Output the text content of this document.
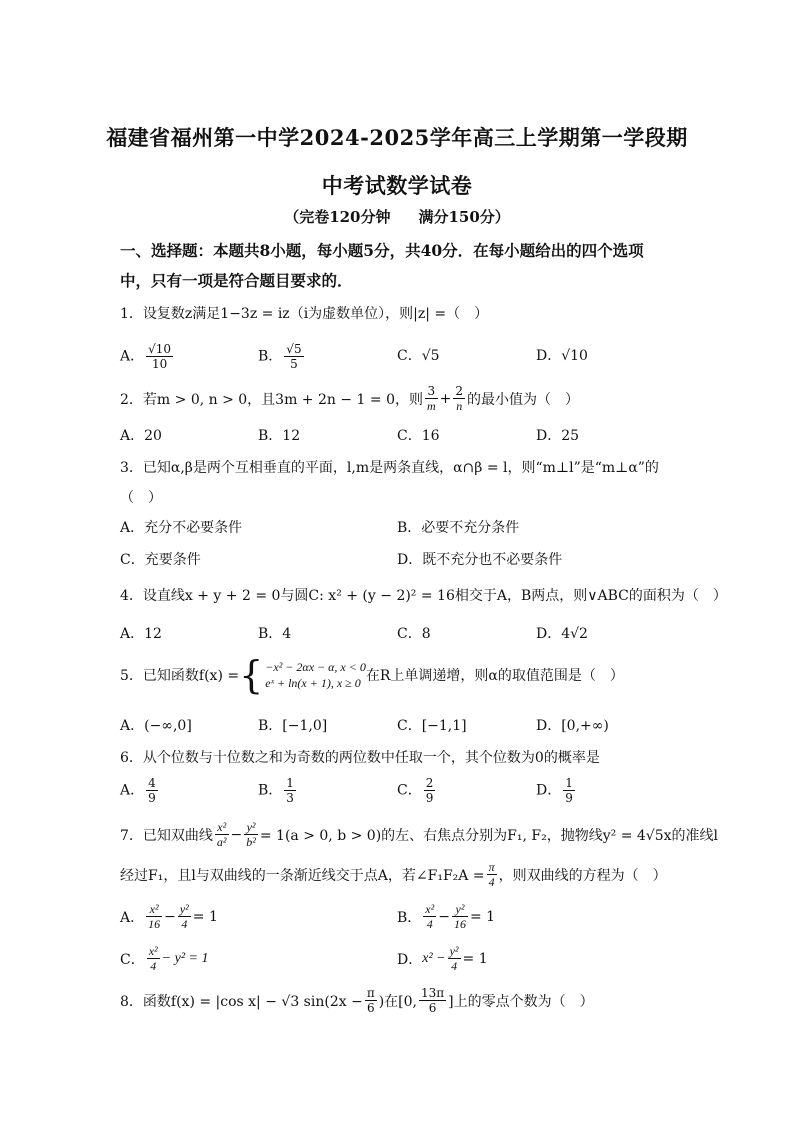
福建省福州第一中学2024-2025学年高三上学期第一学段期
中考试数学试卷
（完卷120分钟 满分150分）
一、选择题：本题共8小题，每小题5分，共40分．在每小题给出的四个选项
中，只有一项是符合题目要求的．
1．设复数z满足1−3z = iz（i为虚数单位），则|z| =（　）
A． $\frac{√10}{10}$	B． $\frac{√5}{5}$	C．√5	D．√10
2．若m > 0, n > 0，且3m + 2n − 1 = 0，则 $\frac{3}{m} + \frac{2}{n}$ 的最小值为（　）
A．20	B．12	C．16	D．25
3．已知α,β是两个互相垂直的平面，l,m是两条直线，α∩β = l，则“m⊥l”是“m⊥α”的
（　）
A．充分不必要条件	B．必要不充分条件
C．充要条件	D．既不充分也不必要条件
4．设直线x + y + 2 = 0与圆C: x² + (y − 2)² = 16相交于A，B两点，则∨ABC的面积为（　）
A．12	B．4	C．8	D．4√2
5．已知函数f(x) = { −x² − 2αx − α, x < 0
eˣ + ln(x + 1), x ≥ 0 在R上单调递增，则α的取值范围是（　）
A．(−∞,0]	B．[−1,0]	C．[−1,1]	D．[0,+∞)
6．从个位数与十位数之和为奇数的两位数中任取一个，其个位数为0的概率是
A． $\frac{4}{9}$	B． $\frac{1}{3}$	C． $\frac{2}{9}$	D． $\frac{1}{9}$
7．已知双曲线 $\frac{\text{x²}}{\text{a²}} - \frac{\text{y²}}{\text{b²}} = 1(a > 0$, b > 0)的左、右焦点分别为F₁, F₂，抛物线y² = 4√5x的准线l
经过F₁，且l与双曲线的一条渐近线交于点A，若∠F₁F₂A = $\frac{\pi}{4}$ ，则双曲线的方程为（　）
A． $\frac{\text{x²}}{16} - \frac{\text{y²}}{4} = 1$	B． $\frac{\text{x²}}{4} - \frac{\text{y²}}{16} = 1$
C． $\frac{\text{x²}}{4} - y^2 = 1$	D． $x^2 - \frac{\text{y²}}{4} = 1$
8．函数f(x) = |cos x| − √3 $\sin(2x - \frac{\pi}{6}$ )在[0, $\frac{13\pi}{6}$ ]上的零点个数为（　）
